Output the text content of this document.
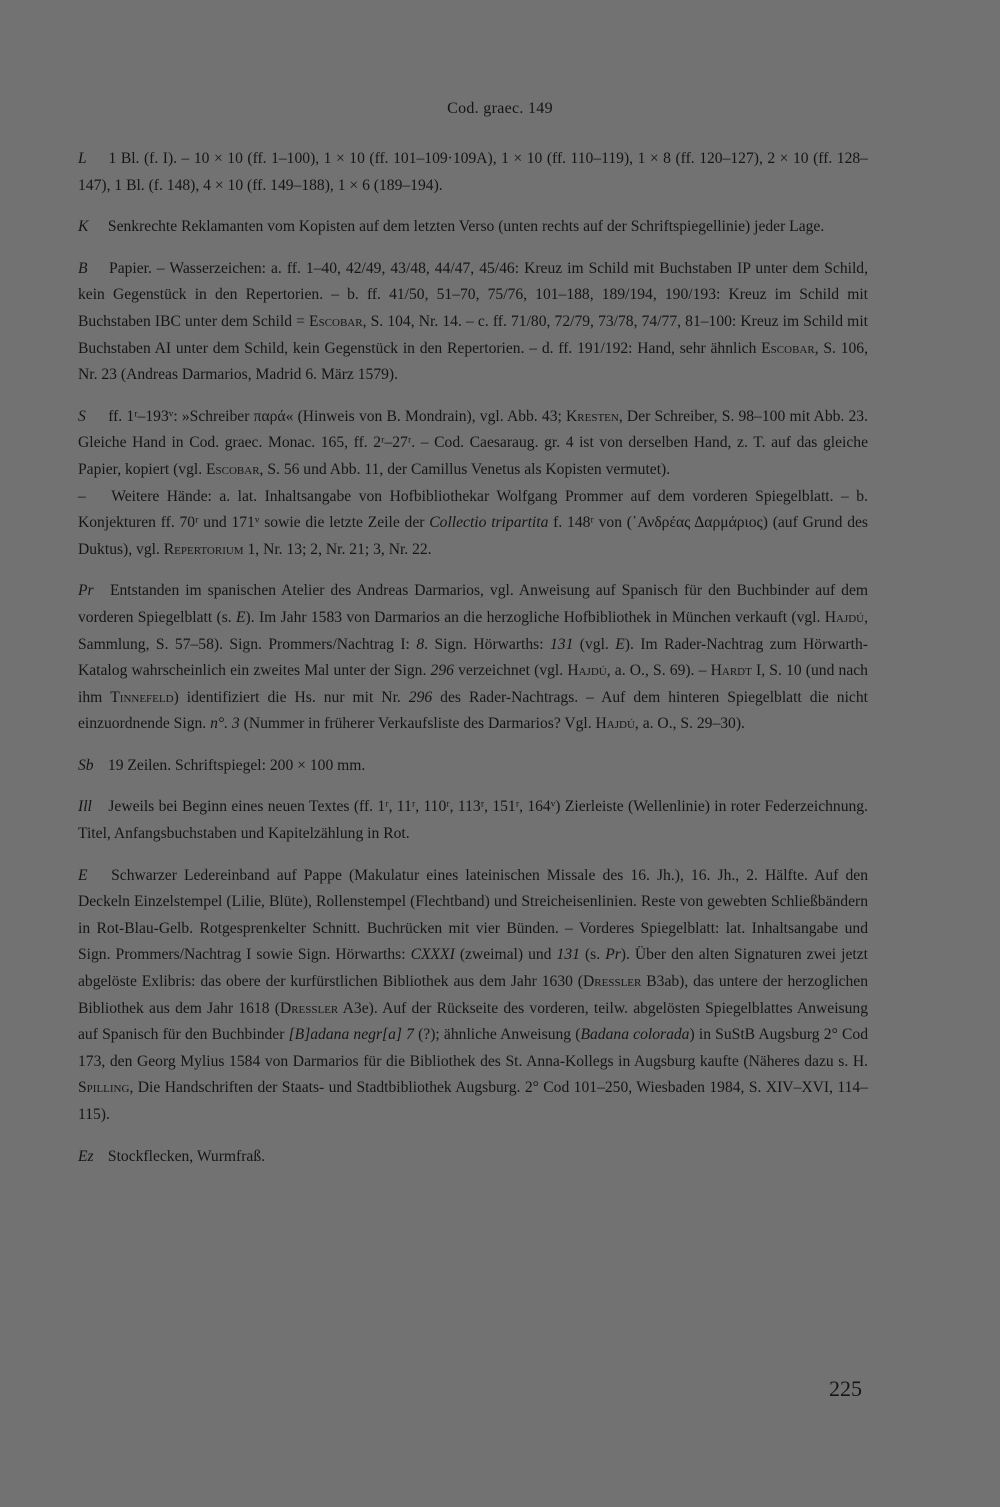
Cod. graec. 149

L 1 Bl. (f. I). – 10 × 10 (ff. 1–100), 1 × 10 (ff. 101–109·109A), 1 × 10 (ff. 110–119), 1 × 8 (ff. 120–127), 2 × 10 (ff. 128–147), 1 Bl. (f. 148), 4 × 10 (ff. 149–188), 1 × 6 (189–194).

K Senkrechte Reklamanten vom Kopisten auf dem letzten Verso (unten rechts auf der Schriftspiegellinie) jeder Lage.

B Papier. – Wasserzeichen: a. ff. 1–40, 42/49, 43/48, 44/47, 45/46: Kreuz im Schild mit Buchstaben IP unter dem Schild, kein Gegenstück in den Repertorien. – b. ff. 41/50, 51–70, 75/76, 101–188, 189/194, 190/193: Kreuz im Schild mit Buchstaben IBC unter dem Schild = Escobar, S. 104, Nr. 14. – c. ff. 71/80, 72/79, 73/78, 74/77, 81–100: Kreuz im Schild mit Buchstaben AI unter dem Schild, kein Gegenstück in den Repertorien. – d. ff. 191/192: Hand, sehr ähnlich Escobar, S. 106, Nr. 23 (Andreas Darmarios, Madrid 6. März 1579).

S ff. 1ʳ–193ᵛ: »Schreiber παρά« (Hinweis von B. Mondrain), vgl. Abb. 43; Kresten, Der Schreiber, S. 98–100 mit Abb. 23. Gleiche Hand in Cod. graec. Monac. 165, ff. 2ʳ–27ʳ. – Cod. Caesaraug. gr. 4 ist von derselben Hand, z. T. auf das gleiche Papier, kopiert (vgl. Escobar, S. 56 und Abb. 11, der Camillus Venetus als Kopisten vermutet).

– Weitere Hände: a. lat. Inhaltsangabe von Hofbibliothekar Wolfgang Prommer auf dem vorderen Spiegelblatt. – b. Konjekturen ff. 70ʳ und 171ᵛ sowie die letzte Zeile der Collectio tripartita f. 148ʳ von (᾽Ανδρέας Δαρμάριος) (auf Grund des Duktus), vgl. Repertorium 1, Nr. 13; 2, Nr. 21; 3, Nr. 22.

Pr Entstanden im spanischen Atelier des Andreas Darmarios, vgl. Anweisung auf Spanisch für den Buchbinder auf dem vorderen Spiegelblatt (s. E). Im Jahr 1583 von Darmarios an die herzogliche Hofbibliothek in München verkauft (vgl. Hajdú, Sammlung, S. 57–58). Sign. Prommers/Nachtrag I: 8. Sign. Hörwarths: 131 (vgl. E). Im Rader-Nachtrag zum Hörwarth-Katalog wahrscheinlich ein zweites Mal unter der Sign. 296 verzeichnet (vgl. Hajdú, a. O., S. 69). – Hardt I, S. 10 (und nach ihm Tinnefeld) identifiziert die Hs. nur mit Nr. 296 des Rader-Nachtrags. – Auf dem hinteren Spiegelblatt die nicht einzuordnende Sign. n°. 3 (Nummer in früherer Verkaufsliste des Darmarios? Vgl. Hajdú, a. O., S. 29–30).

Sb 19 Zeilen. Schriftspiegel: 200 × 100 mm.

Ill Jeweils bei Beginn eines neuen Textes (ff. 1ʳ, 11ʳ, 110ʳ, 113ʳ, 151ʳ, 164ᵛ) Zierleiste (Wellenlinie) in roter Federzeichnung. Titel, Anfangsbuchstaben und Kapitelzählung in Rot.

E Schwarzer Ledereinband auf Pappe (Makulatur eines lateinischen Missale des 16. Jh.), 16. Jh., 2. Hälfte. Auf den Deckeln Einzelstempel (Lilie, Blüte), Rollenstempel (Flechtband) und Streicheisenlinien. Reste von gewebten Schließbändern in Rot-Blau-Gelb. Rotgesprenkelter Schnitt. Buchrücken mit vier Bünden. – Vorderes Spiegelblatt: lat. Inhaltsangabe und Sign. Prommers/Nachtrag I sowie Sign. Hörwarths: CXXXI (zweimal) und 131 (s. Pr). Über den alten Signaturen zwei jetzt abgelöste Exlibris: das obere der kurfürstlichen Bibliothek aus dem Jahr 1630 (Dressler B3ab), das untere der herzoglichen Bibliothek aus dem Jahr 1618 (Dressler A3e). Auf der Rückseite des vorderen, teilw. abgelösten Spiegelblattes Anweisung auf Spanisch für den Buchbinder [B]adana negr[a] 7 (?); ähnliche Anweisung (Badana colorada) in SuStB Augsburg 2° Cod 173, den Georg Mylius 1584 von Darmarios für die Bibliothek des St. Anna-Kollegs in Augsburg kaufte (Näheres dazu s. H. Spilling, Die Handschriften der Staats- und Stadtbibliothek Augsburg. 2° Cod 101–250, Wiesbaden 1984, S. XIV–XVI, 114–115).

Ez Stockflecken, Wurmfraß.

225
